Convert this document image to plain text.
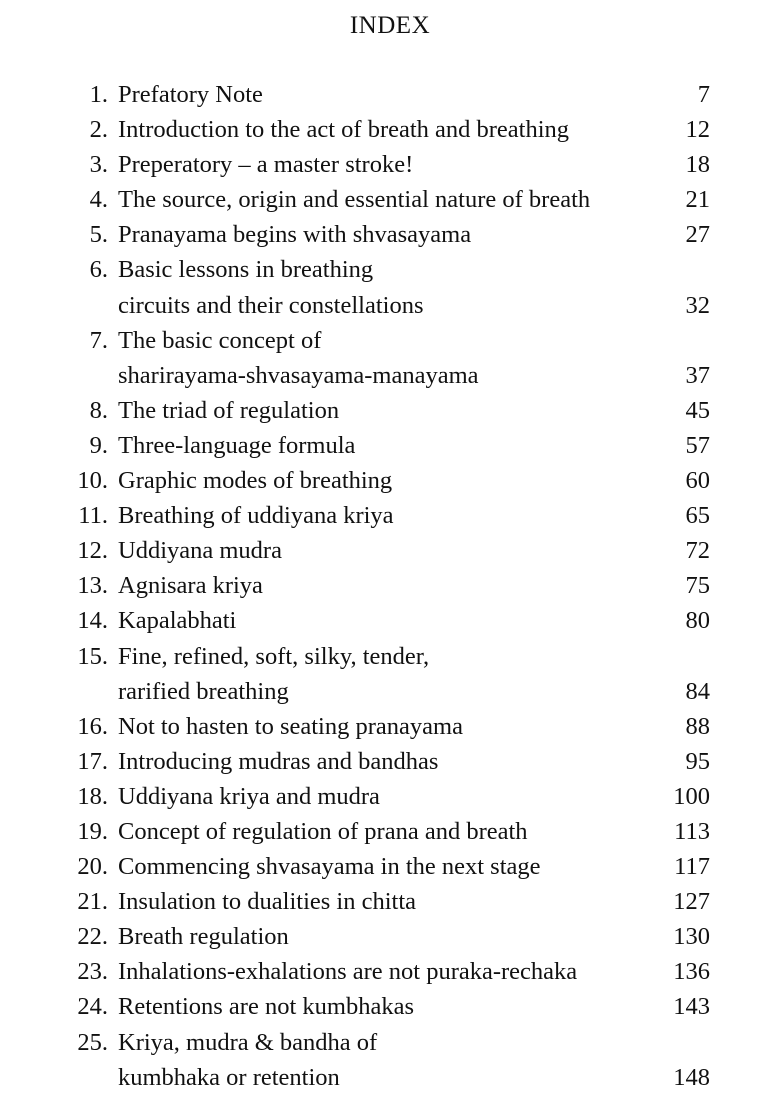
INDEX
1. Prefatory Note	7
2. Introduction to the act of breath and breathing	12
3. Preperatory – a master stroke!	18
4. The source, origin and essential nature of breath	21
5. Pranayama begins with shvasayama	27
6. Basic lessons in breathing
circuits and their constellations	32
7. The basic concept of
sharirayama-shvasayama-manayama	37
8. The triad of regulation	45
9. Three-language formula	57
10. Graphic modes of breathing	60
11. Breathing of uddiyana kriya	65
12. Uddiyana mudra	72
13. Agnisara kriya	75
14. Kapalabhati	80
15. Fine, refined, soft, silky, tender,
rarified breathing	84
16. Not to hasten to seating pranayama	88
17. Introducing mudras and bandhas	95
18. Uddiyana kriya and mudra	100
19. Concept of regulation of prana and breath	113
20. Commencing shvasayama in the next stage	117
21. Insulation to dualities in chitta	127
22. Breath regulation	130
23. Inhalations-exhalations are not puraka-rechaka	136
24. Retentions are not kumbhakas	143
25. Kriya, mudra & bandha of
kumbhaka or retention	148
